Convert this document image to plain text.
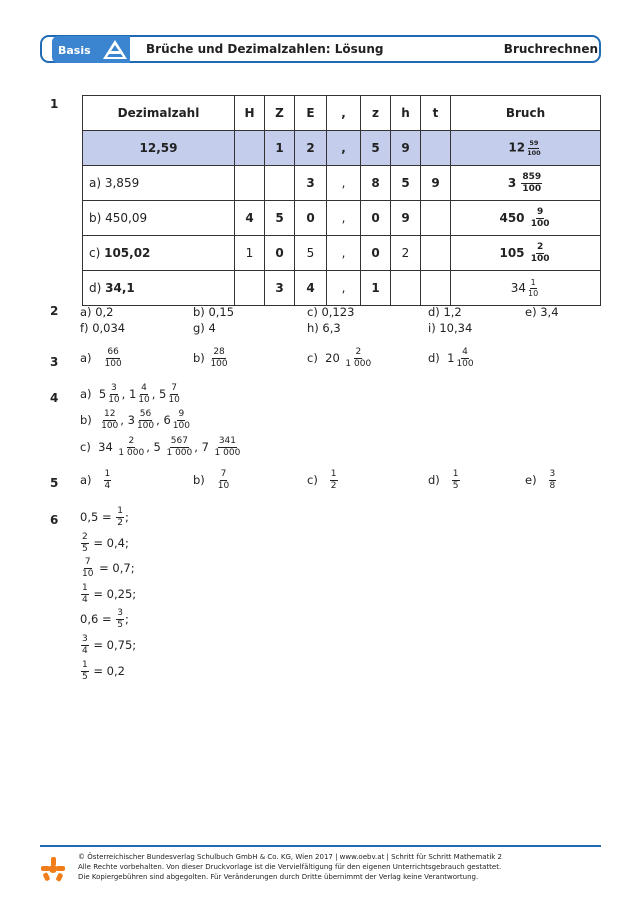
Basis	Brüche und Dezimalzahlen: Lösung	Bruchrechnen
1
2
3
4
5
6
Dezimalzahl	H	Z	E	,	z	h	t	Bruch
12,59		1	2	,	5	9		$12 \frac{59}{100}$

a) 3,859			3	,	8	5	9	$3 \frac{859}{100}$

b) 450,09	4	5	0	,	0	9		$450 \frac{9}{100}$

c) 105,02	1	0	5	,	0	2		$105 \frac{2}{100}$

d) 34,1		3	4	,	1			$34 \frac{1}{10}$
a) 0,2	b) 0,15	c) 0,123	d) 1,2	e) 3,4
f) 0,034	g) 4	h) 6,3	i) 10,34
$a) \frac{66}{100}$	$b) \frac{28}{100}$	c) $20 \frac{2}{1 000}$	d) $1 \frac{4}{100}$
a) $5 \frac{3}{10}$ , $1 \frac{4}{10}$ , $5 \frac{7}{10}$
$b) \frac{12}{100}$ , $3 \frac{56}{100}$ , $6 \frac{9}{100}$
c) $34 \frac{2}{1 000}$ , $5 \frac{567}{1 000}$ , $7 \frac{341}{1 000}$
$a) \frac{1}{4}$	$b) \frac{7}{10}$	$c) \frac{1}{2}$	$d) \frac{1}{5}$	$e) \frac{3}{8}$
$0,5 = \frac{1}{2}$ ;
$\frac{2}{5} = 0,4$;
$\frac{7}{10} = 0,7$;
$\frac{1}{4} = 0,25$;
$0,6 = \frac{3}{5}$ ;
$\frac{3}{4} = 0,75$;
$\frac{1}{5} = 0,2$
© Österreichischer Bundesverlag Schulbuch GmbH & Co. KG, Wien 2017 | www.oebv.at | Schritt für Schritt Mathematik 2
Alle Rechte vorbehalten. Von dieser Druckvorlage ist die Vervielfältigung für den eigenen Unterrichtsgebrauch gestattet.
Die Kopiergebühren sind abgegolten. Für Veränderungen durch Dritte übernimmt der Verlag keine Verantwortung.
